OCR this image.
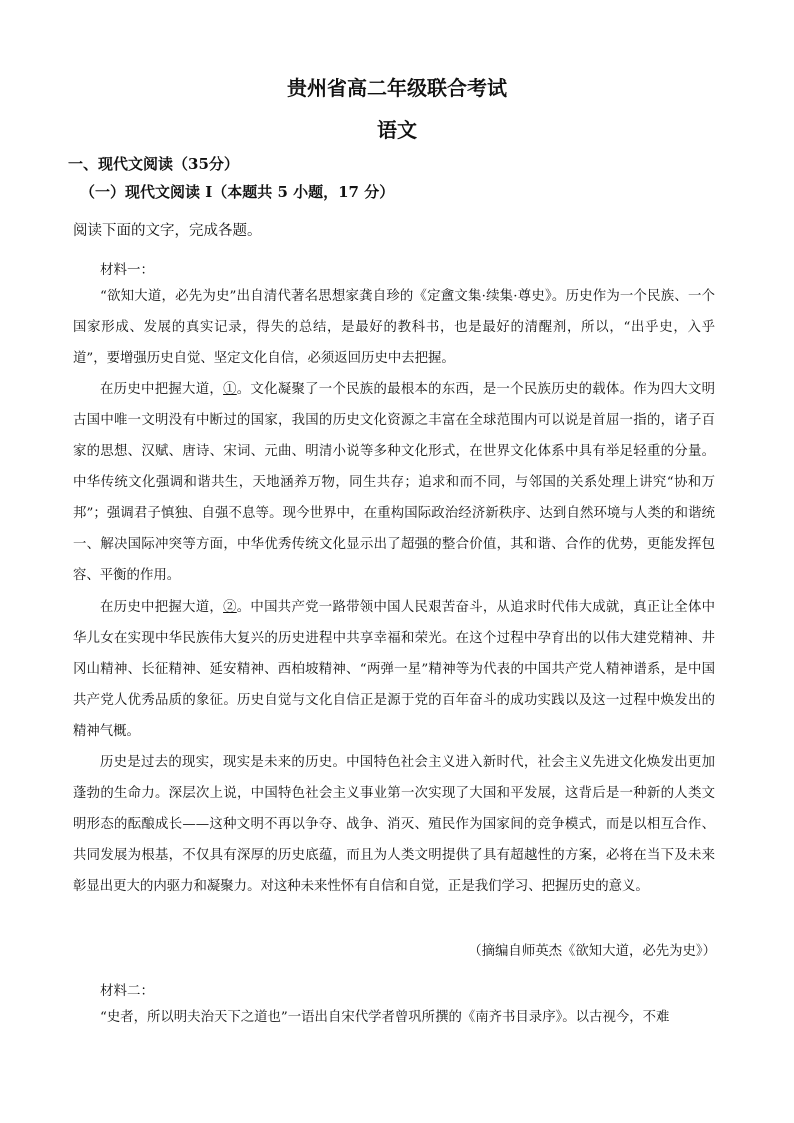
贵州省高二年级联合考试
语文
一、现代文阅读（35分）
（一）现代文阅读 I（本题共 5 小题，17 分）
阅读下面的文字，完成各题。
材料一：

“欲知大道，必先为史”出自清代著名思想家龚自珍的《定盦文集·续集·尊史》。历史作为一个民族、一个国家形成、发展的真实记录，得失的总结，是最好的教科书，也是最好的清醒剂，所以，“出乎史，入乎道”，要增强历史自觉、坚定文化自信，必须返回历史中去把握。

在历史中把握大道，①。文化凝聚了一个民族的最根本的东西，是一个民族历史的载体。作为四大文明古国中唯一文明没有中断过的国家，我国的历史文化资源之丰富在全球范围内可以说是首屈一指的，诸子百家的思想、汉赋、唐诗、宋词、元曲、明清小说等多种文化形式，在世界文化体系中具有举足轻重的分量。中华传统文化强调和谐共生，天地涵养万物，同生共存；追求和而不同，与邻国的关系处理上讲究“协和万邦”；强调君子慎独、自强不息等。现今世界中，在重构国际政治经济新秩序、达到自然环境与人类的和谐统一、解决国际冲突等方面，中华优秀传统文化显示出了超强的整合价值，其和谐、合作的优势，更能发挥包容、平衡的作用。

在历史中把握大道，②。中国共产党一路带领中国人民艰苦奋斗，从追求时代伟大成就，真正让全体中华儿女在实现中华民族伟大复兴的历史进程中共享幸福和荣光。在这个过程中孕育出的以伟大建党精神、井冈山精神、长征精神、延安精神、西柏坡精神、“两弹一星”精神等为代表的中国共产党人精神谱系，是中国共产党人优秀品质的象征。历史自觉与文化自信正是源于党的百年奋斗的成功实践以及这一过程中焕发出的精神气概。

历史是过去的现实，现实是未来的历史。中国特色社会主义进入新时代，社会主义先进文化焕发出更加蓬勃的生命力。深层次上说，中国特色社会主义事业第一次实现了大国和平发展，这背后是一种新的人类文明形态的酝酿成长——这种文明不再以争夺、战争、消灭、殖民作为国家间的竞争模式，而是以相互合作、共同发展为根基，不仅具有深厚的历史底蕴，而且为人类文明提供了具有超越性的方案，必将在当下及未来彰显出更大的内驱力和凝聚力。对这种未来性怀有自信和自觉，正是我们学习、把握历史的意义。

（摘编自师英杰《欲知大道，必先为史》）
材料二：

“史者，所以明夫治天下之道也”一语出自宋代学者曾巩所撰的《南齐书目录序》。以古视今，不难
